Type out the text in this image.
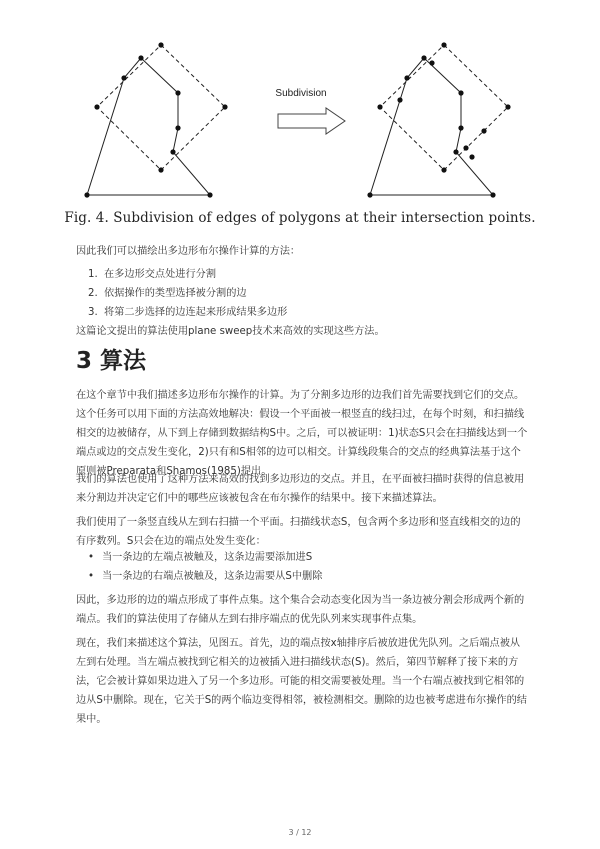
Subdivision
Fig. 4. Subdivision of edges of polygons at their intersection points.

因此我们可以描绘出多边形布尔操作计算的方法：

1. 在多边形交点处进行分割
2. 依据操作的类型选择被分割的边
3. 将第二步选择的边连起来形成结果多边形

这篇论文提出的算法使用plane sweep技术来高效的实现这些方法。

3 算法

在这个章节中我们描述多边形布尔操作的计算。为了分割多边形的边我们首先需要找到它们的交点。这个任务可以用下面的方法高效地解决：假设一个平面被一根竖直的线扫过，在每个时刻，和扫描线相交的边被储存，从下到上存储到数据结构S中。之后，可以被证明：1)状态S只会在扫描线达到一个端点或边的交点发生变化，2)只有和S相邻的边可以相交。计算线段集合的交点的经典算法基于这个原则被Preparata和Shamos(1985)提出。

我们的算法也使用了这种方法来高效的找到多边形边的交点。并且，在平面被扫描时获得的信息被用来分割边并决定它们中的哪些应该被包含在布尔操作的结果中。接下来描述算法。

我们使用了一条竖直线从左到右扫描一个平面。扫描线状态S，包含两个多边形和竖直线相交的边的有序数列。S只会在边的端点处发生变化：

• 当一条边的左端点被触及，这条边需要添加进S
• 当一条边的右端点被触及，这条边需要从S中删除

因此，多边形的边的端点形成了事件点集。这个集合会动态变化因为当一条边被分割会形成两个新的端点。我们的算法使用了存储从左到右排序端点的优先队列来实现事件点集。

现在，我们来描述这个算法，见图五。首先，边的端点按x轴排序后被放进优先队列。之后端点被从左到右处理。当左端点被找到它相关的边被插入进扫描线状态(S)。然后，第四节解释了接下来的方法，它会被计算如果边进入了另一个多边形。可能的相交需要被处理。当一个右端点被找到它相邻的边从S中删除。现在，它关于S的两个临边变得相邻，被检测相交。删除的边也被考虑进布尔操作的结果中。

3 / 12
